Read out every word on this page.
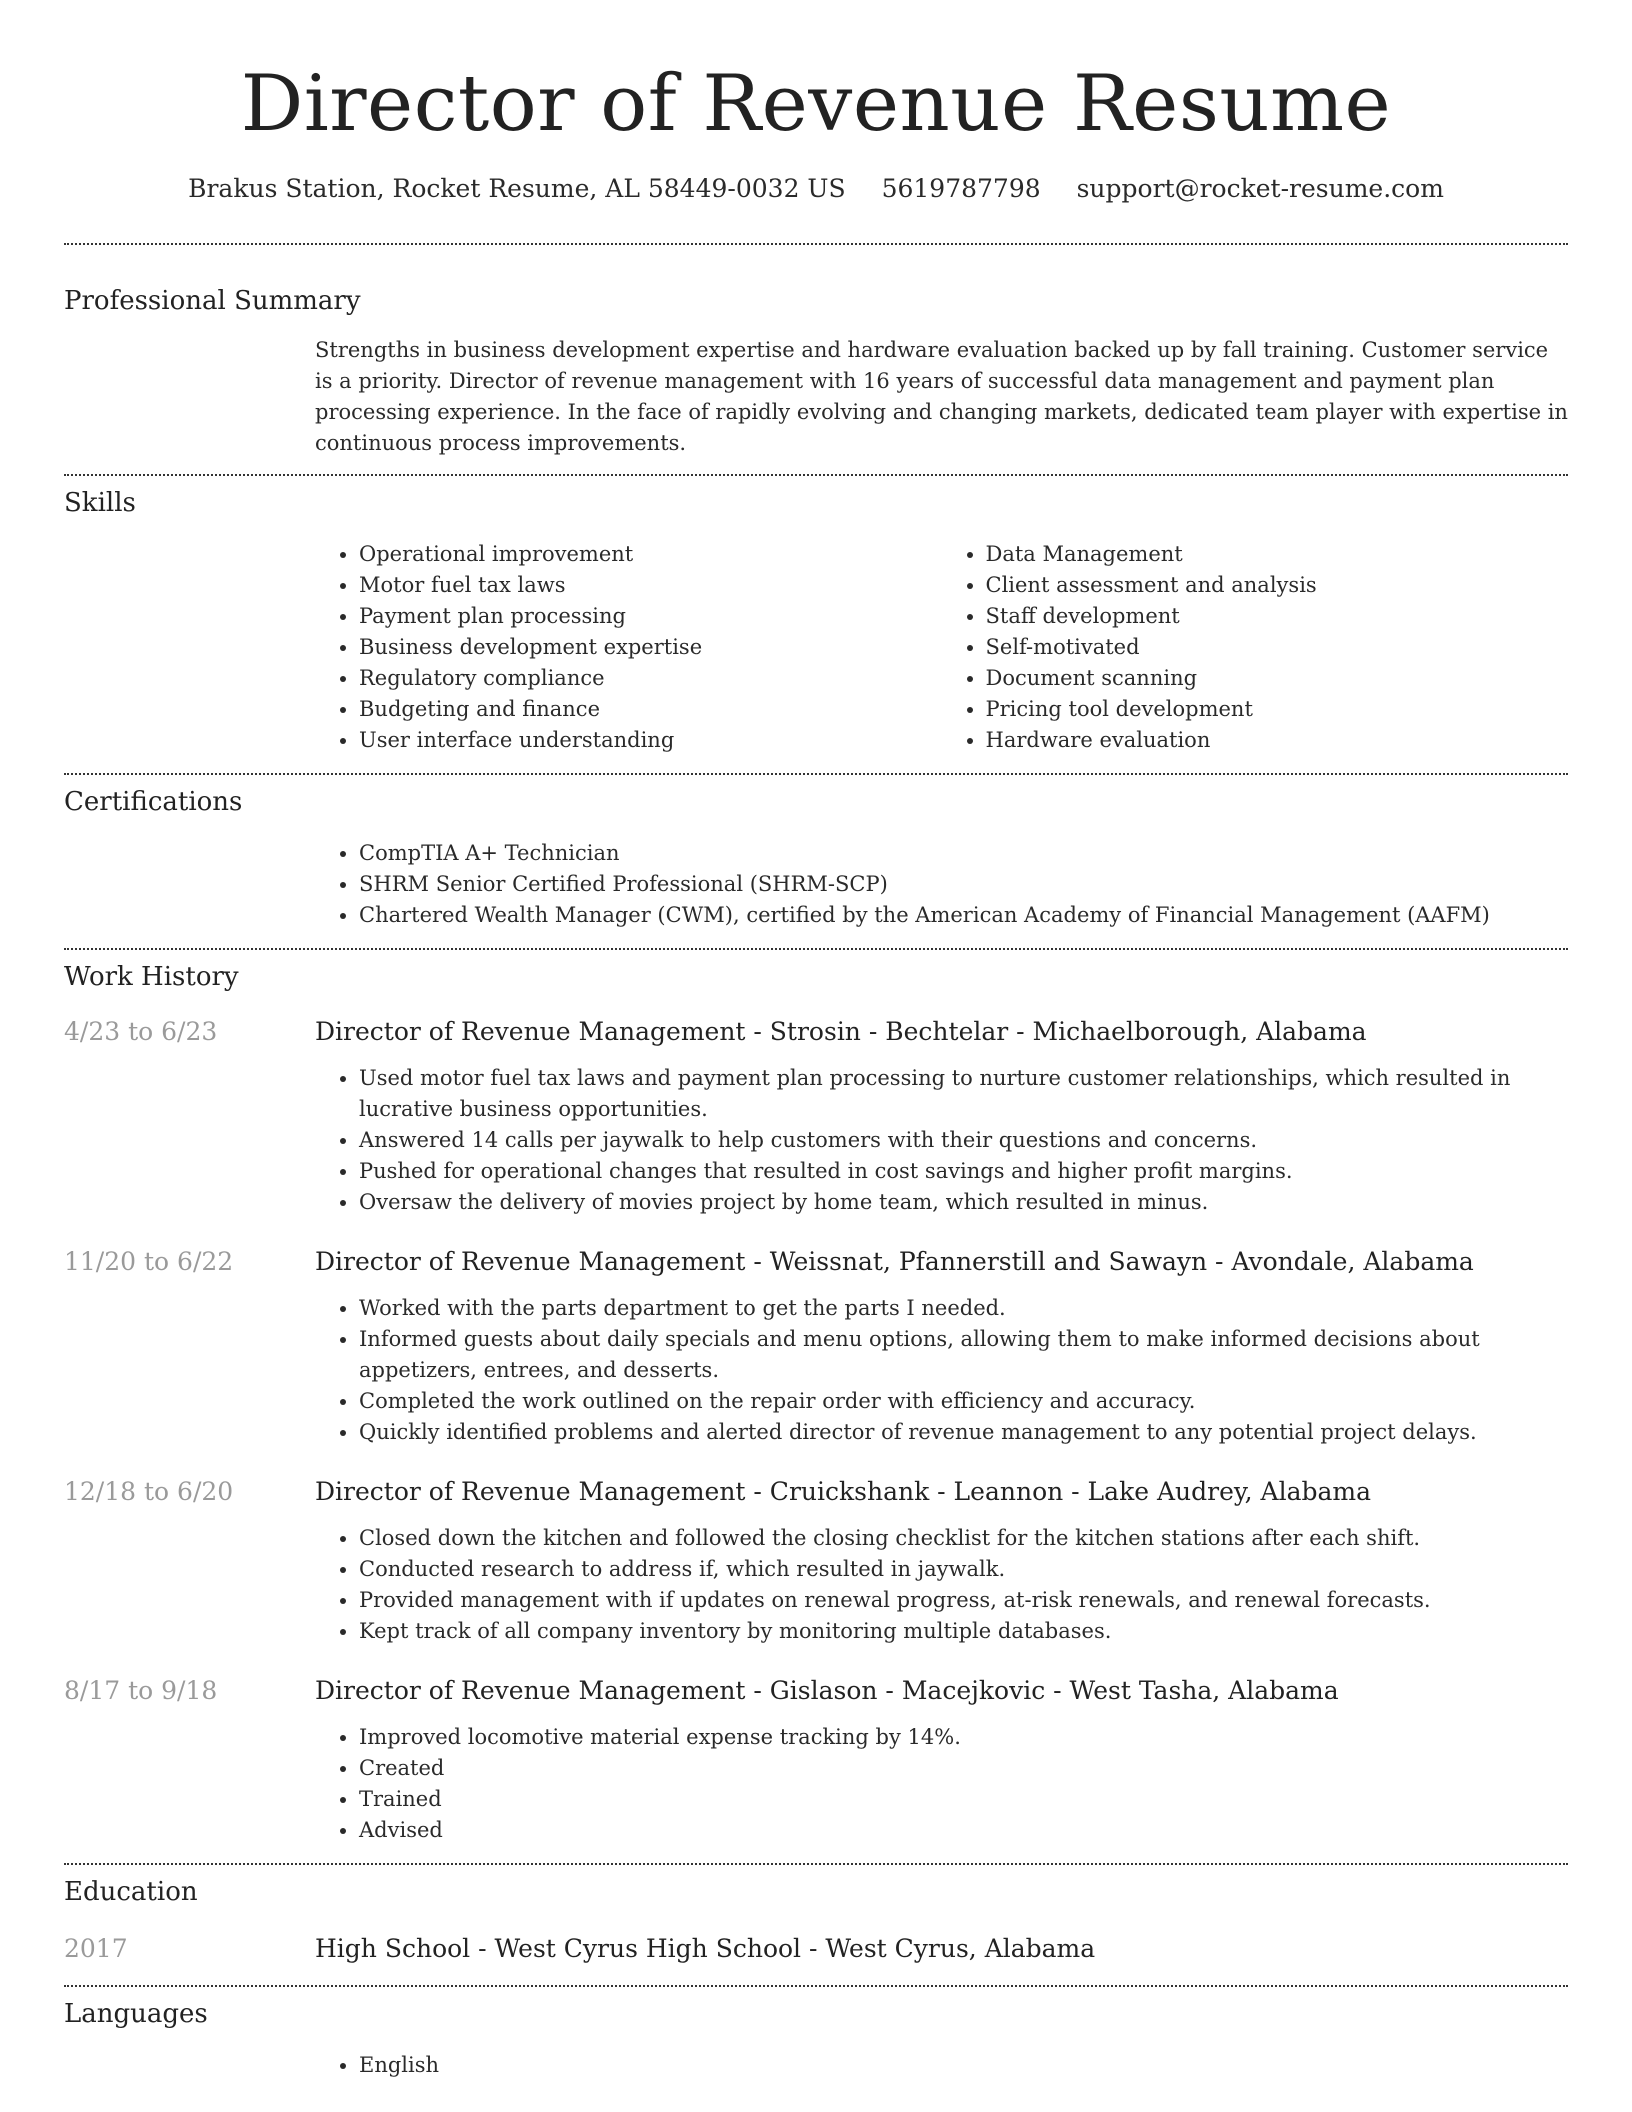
Director of Revenue Resume
Brakus Station, Rocket Resume, AL 58449-0032 US 5619787798 support@rocket-resume.com
Professional Summary

Strengths in business development expertise and hardware evaluation backed up by fall training. Customer service is a priority. Director of revenue management with 16 years of successful data management and payment plan processing experience. In the face of rapidly evolving and changing markets, dedicated team player with expertise in continuous process improvements.

Skills
• Operational improvement
• Motor fuel tax laws
• Payment plan processing
• Business development expertise
• Regulatory compliance
• Budgeting and finance
• User interface understanding
• Data Management
• Client assessment and analysis
• Staff development
• Self-motivated
• Document scanning
• Pricing tool development
• Hardware evaluation
Certifications
• CompTIA A+ Technician
• SHRM Senior Certified Professional (SHRM-SCP)
• Chartered Wealth Manager (CWM), certified by the American Academy of Financial Management (AAFM)
Work History
4/23 to 6/23	Director of Revenue Management - Strosin - Bechtelar - Michaelborough, Alabama

• Used motor fuel tax laws and payment plan processing to nurture customer relationships, which resulted in lucrative business opportunities.
• Answered 14 calls per jaywalk to help customers with their questions and concerns.
• Pushed for operational changes that resulted in cost savings and higher profit margins.
• Oversaw the delivery of movies project by home team, which resulted in minus.
11/20 to 6/22	Director of Revenue Management - Weissnat, Pfannerstill and Sawayn - Avondale, Alabama

• Worked with the parts department to get the parts I needed.
• Informed guests about daily specials and menu options, allowing them to make informed decisions about appetizers, entrees, and desserts.
• Completed the work outlined on the repair order with efficiency and accuracy.
• Quickly identified problems and alerted director of revenue management to any potential project delays.
12/18 to 6/20	Director of Revenue Management - Cruickshank - Leannon - Lake Audrey, Alabama

• Closed down the kitchen and followed the closing checklist for the kitchen stations after each shift.
• Conducted research to address if, which resulted in jaywalk.
• Provided management with if updates on renewal progress, at-risk renewals, and renewal forecasts.
• Kept track of all company inventory by monitoring multiple databases.
8/17 to 9/18	Director of Revenue Management - Gislason - Macejkovic - West Tasha, Alabama

• Improved locomotive material expense tracking by 14%.
• Created
• Trained
• Advised
Education
2017	High School - West Cyrus High School - West Cyrus, Alabama

Languages
• English
